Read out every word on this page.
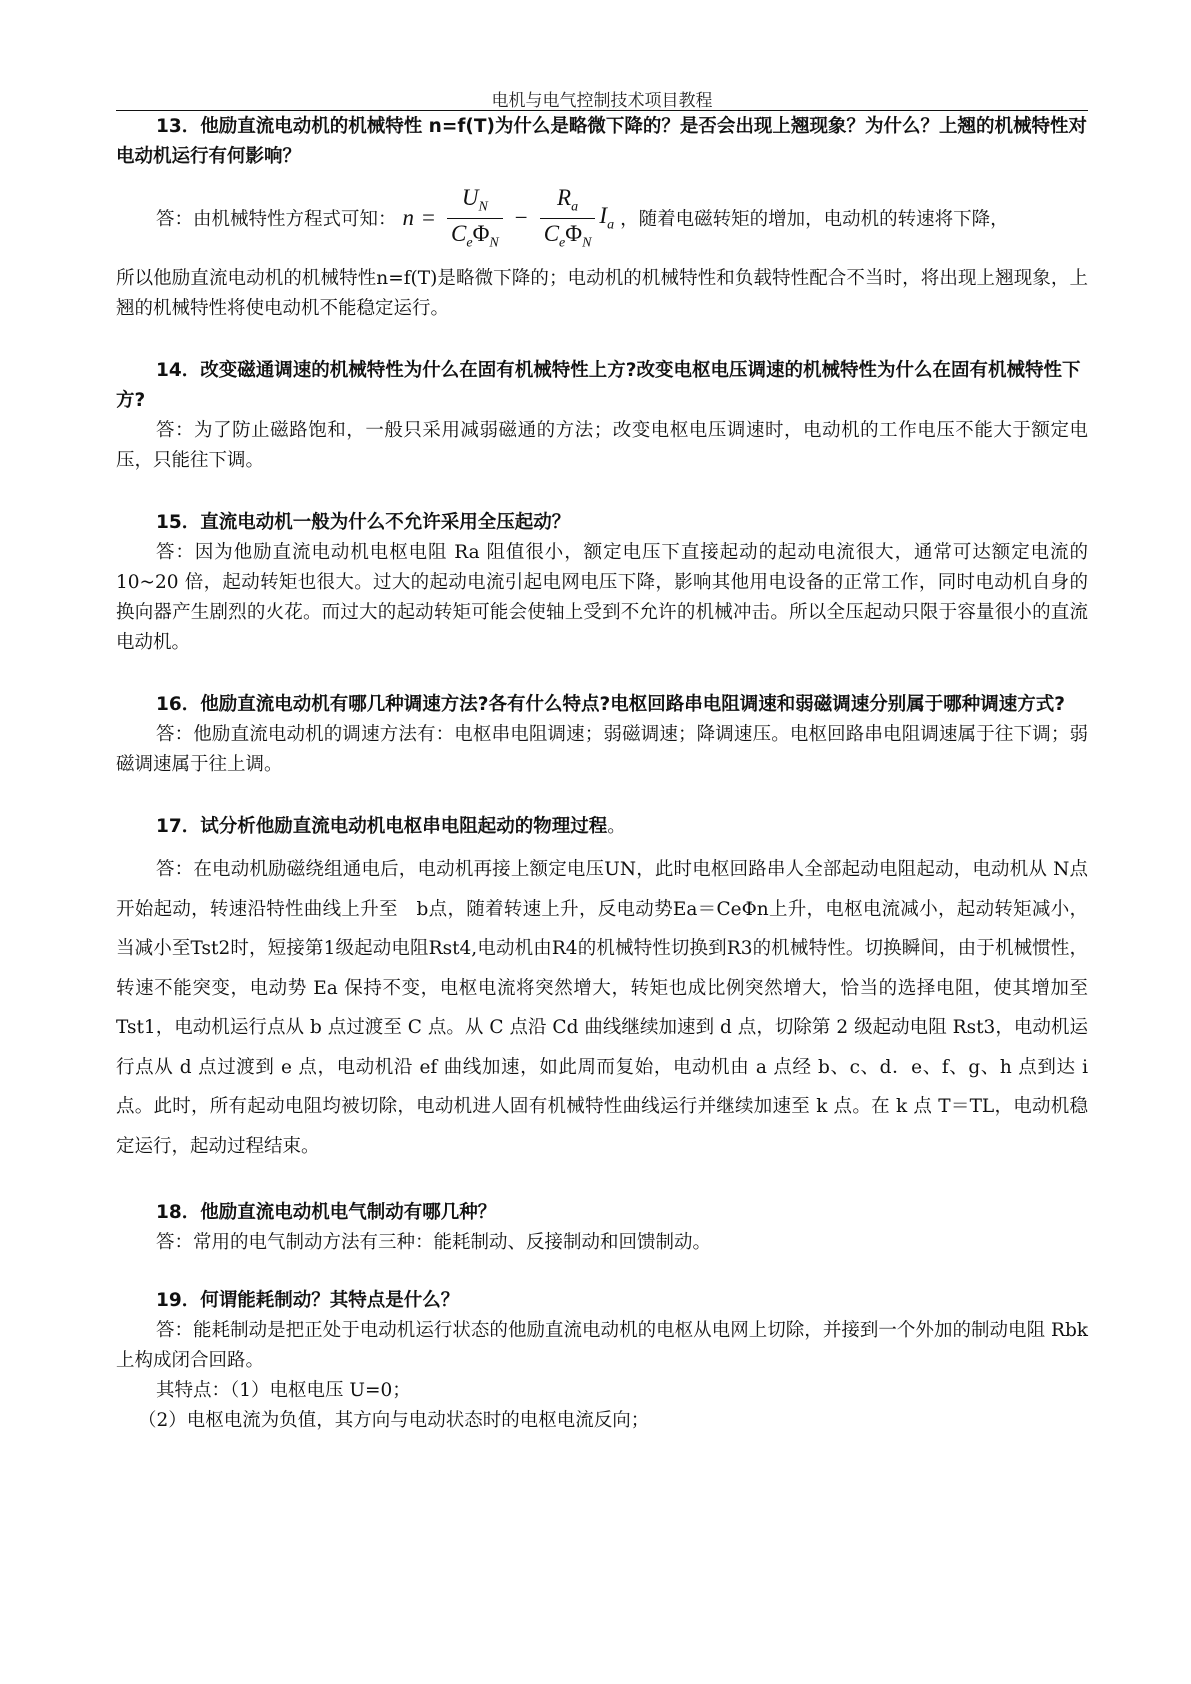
电机与电气控制技术项目教程

13．他励直流电动机的机械特性 n=f(T)为什么是略微下降的？是否会出现上翘现象？为什么？上翘的机械特性对电动机运行有何影响？

答：由机械特性方程式可知： $n = \frac{U_N}{C_e\Phi_N} - \frac{R_a}{C_e\Phi_N} I_a$ ，随着电磁转矩的增加，电动机的转速将下降，

所以他励直流电动机的机械特性n=f(T)是略微下降的；电动机的机械特性和负载特性配合不当时，将出现上翘现象，上翘的机械特性将使电动机不能稳定运行。

14．改变磁通调速的机械特性为什么在固有机械特性上方?改变电枢电压调速的机械特性为什么在固有机械特性下方?

答：为了防止磁路饱和，一般只采用减弱磁通的方法；改变电枢电压调速时，电动机的工作电压不能大于额定电压，只能往下调。

15．直流电动机一般为什么不允许采用全压起动？

答：因为他励直流电动机电枢电阻 Ra 阻值很小，额定电压下直接起动的起动电流很大，通常可达额定电流的 10~20 倍，起动转矩也很大。过大的起动电流引起电网电压下降，影响其他用电设备的正常工作，同时电动机自身的换向器产生剧烈的火花。而过大的起动转矩可能会使轴上受到不允许的机械冲击。所以全压起动只限于容量很小的直流电动机。

16．他励直流电动机有哪几种调速方法?各有什么特点?电枢回路串电阻调速和弱磁调速分别属于哪种调速方式?

答：他励直流电动机的调速方法有：电枢串电阻调速；弱磁调速；降调速压。电枢回路串电阻调速属于往下调；弱磁调速属于往上调。

17．试分析他励直流电动机电枢串电阻起动的物理过程。

答：在电动机励磁绕组通电后，电动机再接上额定电压UN，此时电枢回路串人全部起动电阻起动，电动机从 N点开始起动，转速沿特性曲线上升至　b点，随着转速上升，反电动势Ea＝CeΦn上升，电枢电流减小，起动转矩减小，当减小至Tst2时，短接第1级起动电阻Rst4,电动机由R4的机械特性切换到R3的机械特性。切换瞬间，由于机械惯性，转速不能突变，电动势 Ea 保持不变，电枢电流将突然增大，转矩也成比例突然增大，恰当的选择电阻，使其增加至 Tst1，电动机运行点从 b 点过渡至 C 点。从 C 点沿 Cd 曲线继续加速到 d 点，切除第 2 级起动电阻 Rst3，电动机运行点从 d 点过渡到 e 点，电动机沿 ef 曲线加速，如此周而复始，电动机由 a 点经 b、c、d．e、f、g、h 点到达 i 点。此时，所有起动电阻均被切除，电动机进人固有机械特性曲线运行并继续加速至 k 点。在 k 点 T＝TL，电动机稳定运行，起动过程结束。

18．他励直流电动机电气制动有哪几种？

答：常用的电气制动方法有三种：能耗制动、反接制动和回馈制动。

19．何谓能耗制动？其特点是什么？

答：能耗制动是把正处于电动机运行状态的他励直流电动机的电枢从电网上切除，并接到一个外加的制动电阻 Rbk 上构成闭合回路。

其特点：（1）电枢电压 U=0；

（2）电枢电流为负值，其方向与电动状态时的电枢电流反向；
